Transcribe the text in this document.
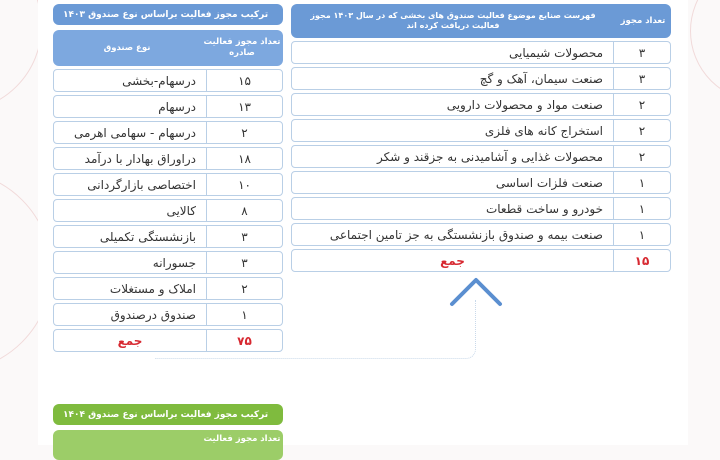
ترکیب مجوز فعالیت براساس نوع صندوق ۱۴۰۳
تعداد مجوز فعالیت صادره
نوع صندوق
۱۵
درسهام-بخشی
۱۳
درسهام
۲
درسهام - سهامی اهرمی
۱۸
دراوراق بهادار با درآمد
۱۰
اختصاصی بازارگردانی
۸
کالایی
۳
بازنشستگی تکمیلی
۳
جسورانه
۲
املاک و مستغلات
۱
صندوق درصندوق
۷۵
جمع
تعداد مجوز
فهرست صنایع موضوع فعالیت صندوق های بخشی که در سال ۱۴۰۳ مجوز فعالیت دریافت کرده اند
۳
محصولات شیمیایی
۳
صنعت سیمان، آهک و گچ
۲
صنعت مواد و محصولات دارویی
۲
استخراج کانه های فلزی
۲
محصولات غذایی و آشامیدنی به جزقند و شکر
۱
صنعت فلزات اساسی
۱
خودرو و ساخت قطعات
۱
صنعت بیمه و صندوق بازنشستگی به جز تامین اجتماعی
۱۵
جمع
ترکیب مجوز فعالیت براساس نوع صندوق ۱۴۰۴
تعداد مجوز فعالیت
